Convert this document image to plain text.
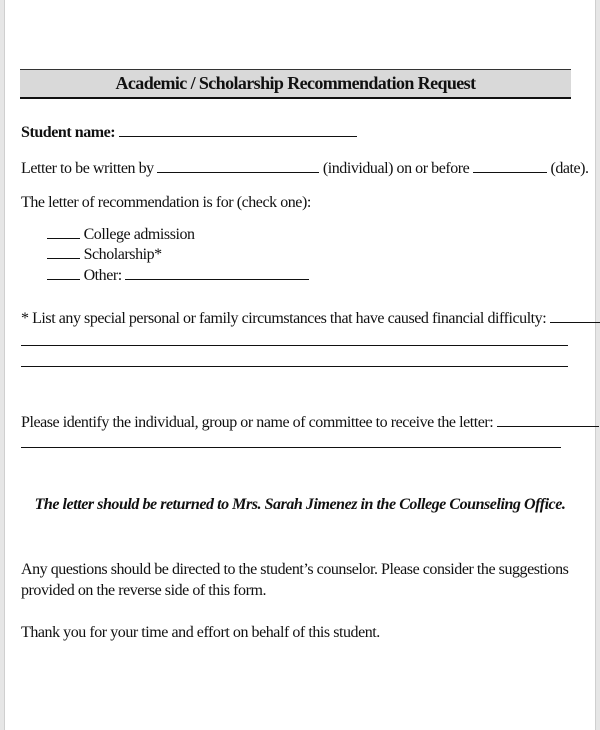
Academic / Scholarship Recommendation Request
Student name:
Letter to be written by	(individual) on or before	(date).
The letter of recommendation is for (check one):
College admission
Scholarship*
Other:
* List any special personal or family circumstances that have caused financial difficulty:
Please identify the individual, group or name of committee to receive the letter:
The letter should be returned to Mrs. Sarah Jimenez in the College Counseling Office.
Any questions should be directed to the student’s counselor. Please consider the suggestions
provided on the reverse side of this form.
Thank you for your time and effort on behalf of this student.
